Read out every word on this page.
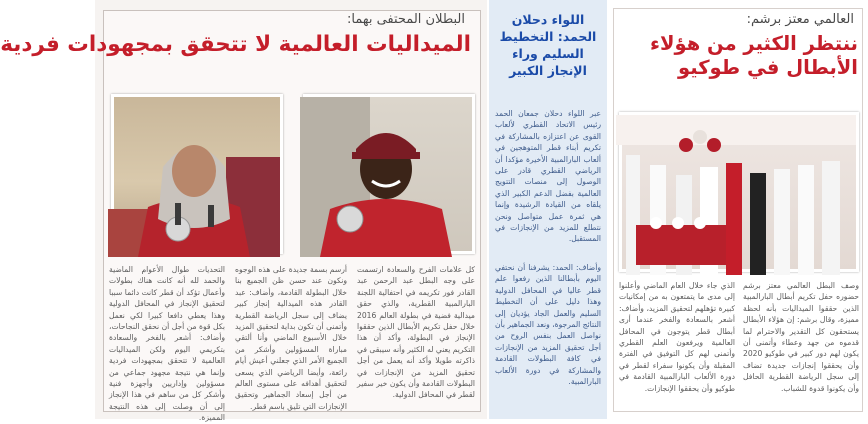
البطلان المحتفى بهما:
الميداليات العالمية لا تتحقق بمجهودات فردية
التحديات طوال الأعوام الماضية والحمد لله أنه كانت هناك بطولات وأعمال تؤكد أن قطر كانت دائما سببا لتحقيق الإنجاز في المحافل الدولية وهذا يعطي دافعا كبيرا لكي نعمل بكل قوة من أجل أن نحقق النجاحات، وأضاف: أشعر بالفخر والسعادة بتكريمي اليوم ولكن الميداليات العالمية لا تتحقق بمجهودات فردية وإنما هي نتيجة مجهود جماعي من مسؤولين وإداريين وأجهزة فنية وأشكر كل من ساهم في هذا الإنجاز إلى أن وصلت إلى هذه النتيجة المميزة.
أرسم بسمة جديدة على هذه الوجوه ونكون عند حسن ظن الجميع بنا خلال البطولة القادمة، وأضاف: عبد القادر هذه الميدالية إنجاز كبير يضاف إلى سجل الرياضة القطرية وأتمنى أن تكون بداية لتحقيق المزيد خلال الأسبوع الماضي وأنا ألتقي مباراة المسؤولين وأشكر من الجميع الأمر الذي جعلني أعيش أيام رائعة، وأيضا الرياضي الذي يسعى لتحقيق أهدافه على مستوى العالم من أجل إسعاد الجماهير وتحقيق الإنجازات التي تليق باسم قطر.
كل علامات الفرح والسعادة ارتسمت على وجه البطل عبد الرحمن عبد القادر فور تكريمه في احتفالية اللجنة البارالمبية القطرية، والذي حقق ميدالية فضية في بطولة العالم 2016 خلال حفل تكريم الأبطال الذين حققوا الإنجاز في البطولة، وأكد أن هذا التكريم يعني له الكثير وأنه سيبقى في ذاكرته طويلا وأكد أنه يعمل من أجل تحقيق المزيد من الإنجازات في البطولات القادمة وأن يكون خير سفير لقطر في المحافل الدولية.
اللواء دحلان الحمد: التخطيط السليم وراء الإنجاز الكبير
عبر اللواء دحلان جمعان الحمد رئيس الاتحاد القطري لألعاب القوى عن اعتزازه بالمشاركة في تكريم أبناء قطر المتوهجين في ألعاب البارالمبية الأخيرة مؤكدا أن الرياضي القطري قادر على الوصول إلى منصات التتويج العالمية بفضل الدعم الكبير الذي يلقاه من القيادة الرشيدة وإنما هي ثمرة عمل متواصل ونحن نتطلع للمزيد من الإنجازات في المستقبل.
وأضاف: الحمد: يشرفنا أن نحتفي اليوم بأبطالنا الذين رفعوا علم قطر عاليا في المحافل الدولية وهذا دليل على أن التخطيط السليم والعمل الجاد يؤديان إلى النتائج المرجوة، ونعد الجماهير بأن نواصل العمل بنفس الروح من أجل تحقيق المزيد من الإنجازات في كافة البطولات القادمة والمشاركة في دورة الألعاب البارالمبية.
العالمي معتز برشم:
ننتظر الكثير من هؤلاء الأبطال في طوكيو
الذي جاء خلال العام الماضي وأعلنوا إلى مدى ما يتمتعون به من إمكانيات كبيرة تؤهلهم لتحقيق المزيد، وأضاف: أشعر بالسعادة والفخر عندما أرى أبطال قطر يتوجون في المحافل العالمية ويرفعون العلم القطري وأتمنى لهم كل التوفيق في الفترة المقبلة وأن يكونوا سفراء لقطر في دورة الألعاب البارالمبية القادمة في طوكيو وأن يحققوا الإنجازات.
وصف البطل العالمي معتز برشم حضوره حفل تكريم أبطال البارالمبية الذين حققوا الميداليات بأنه لحظة مميزة، وقال برشم: إن هؤلاء الأبطال يستحقون كل التقدير والاحترام لما قدموه من جهد وعطاء وأتمنى أن يكون لهم دور كبير في طوكيو 2020 وأن يحققوا إنجازات جديدة تضاف إلى سجل الرياضة القطرية الحافل وأن يكونوا قدوة للشباب.
